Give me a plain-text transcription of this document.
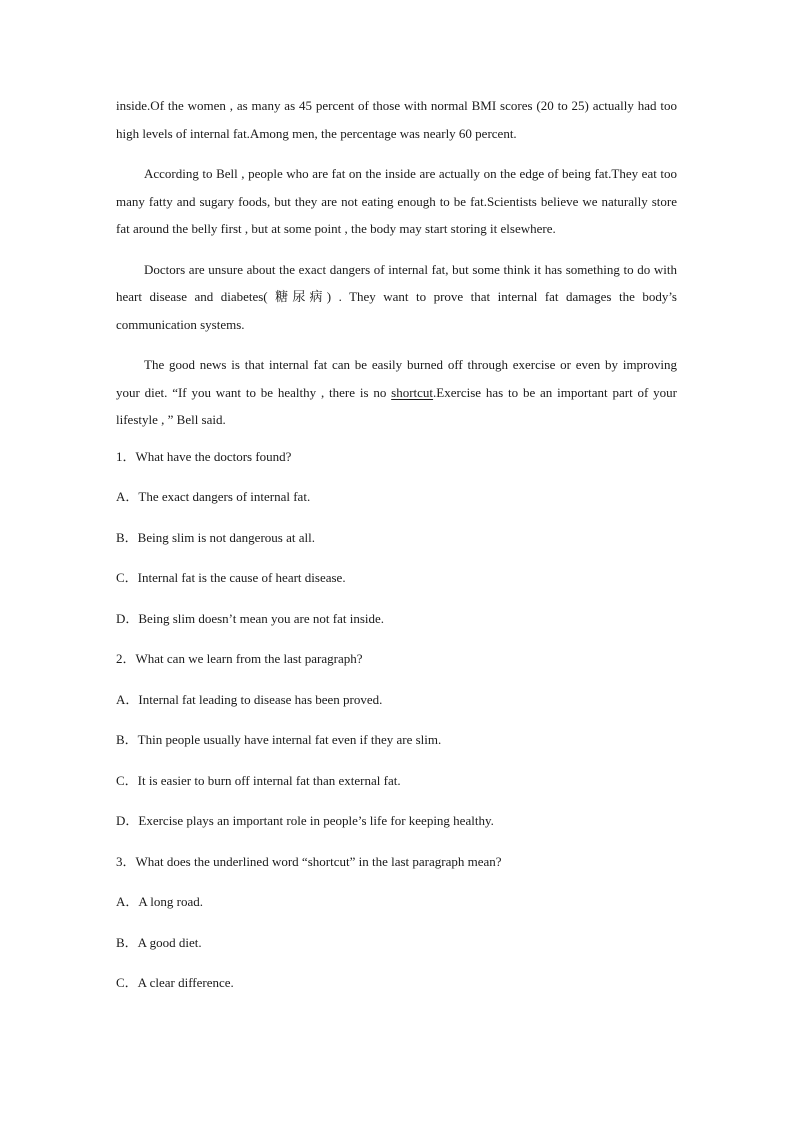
inside.Of the women , as many as 45 percent of those with normal BMI scores (20 to 25) actually had too high levels of internal fat.Among men, the percentage was nearly 60 percent.

According to Bell , people who are fat on the inside are actually on the edge of being fat.They eat too many fatty and sugary foods, but they are not eating enough to be fat.Scientists believe we naturally store fat around the belly first , but at some point , the body may start storing it elsewhere.

Doctors are unsure about the exact dangers of internal fat, but some think it has something to do with heart disease and diabetes( 糖尿病) . They want to prove that internal fat damages the body’s communication systems.

The good news is that internal fat can be easily burned off through exercise or even by improving your diet. “If you want to be healthy , there is no shortcut.Exercise has to be an important part of your lifestyle , ” Bell said.

1．What have the doctors found?
A．The exact dangers of internal fat.
B．Being slim is not dangerous at all.
C．Internal fat is the cause of heart disease.
D．Being slim doesn’t mean you are not fat inside.
2．What can we learn from the last paragraph?
A．Internal fat leading to disease has been proved.
B．Thin people usually have internal fat even if they are slim.
C．It is easier to burn off internal fat than external fat.
D．Exercise plays an important role in people’s life for keeping healthy.
3．What does the underlined word “shortcut” in the last paragraph mean?
A．A long road.
B．A good diet.
C．A clear difference.
